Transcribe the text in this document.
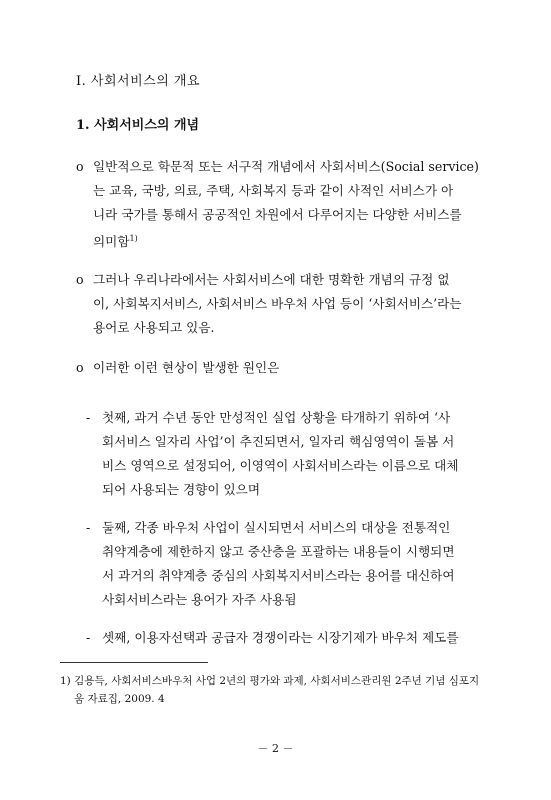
Ⅰ. 사회서비스의 개요
1. 사회서비스의 개념
o 일반적으로 학문적 또는 서구적 개념에서 사회서비스(Social service)
는 교육, 국방, 의료, 주택, 사회복지 등과 같이 사적인 서비스가 아
니라 국가를 통해서 공공적인 차원에서 다루어지는 다양한 서비스를
의미함$^{1)}$
o 그러나 우리나라에서는 사회서비스에 대한 명확한 개념의 규정 없
이, 사회복지서비스, 사회서비스 바우처 사업 등이 ‘사회서비스’라는
용어로 사용되고 있음.
o 이러한 이런 현상이 발생한 원인은
- 첫째, 과거 수년 동안 만성적인 실업 상황을 타개하기 위하여 ‘사
회서비스 일자리 사업’이 추진되면서, 일자리 핵심영역이 돌봄 서
비스 영역으로 설정되어, 이영역이 사회서비스라는 이름으로 대체
되어 사용되는 경향이 있으며
- 둘째, 각종 바우처 사업이 실시되면서 서비스의 대상을 전통적인
취약계층에 제한하지 않고 중산층을 포괄하는 내용들이 시행되면
서 과거의 취약계층 중심의 사회복지서비스라는 용어를 대신하여
사회서비스라는 용어가 자주 사용됨
- 셋째, 이용자선택과 공급자 경쟁이라는 시장기제가 바우처 제도를
1) 김용득, 사회서비스바우처 사업 2년의 평가와 과제, 사회서비스관리원 2주년 기념 심포지
움 자료집, 2009. 4
－ 2 －
